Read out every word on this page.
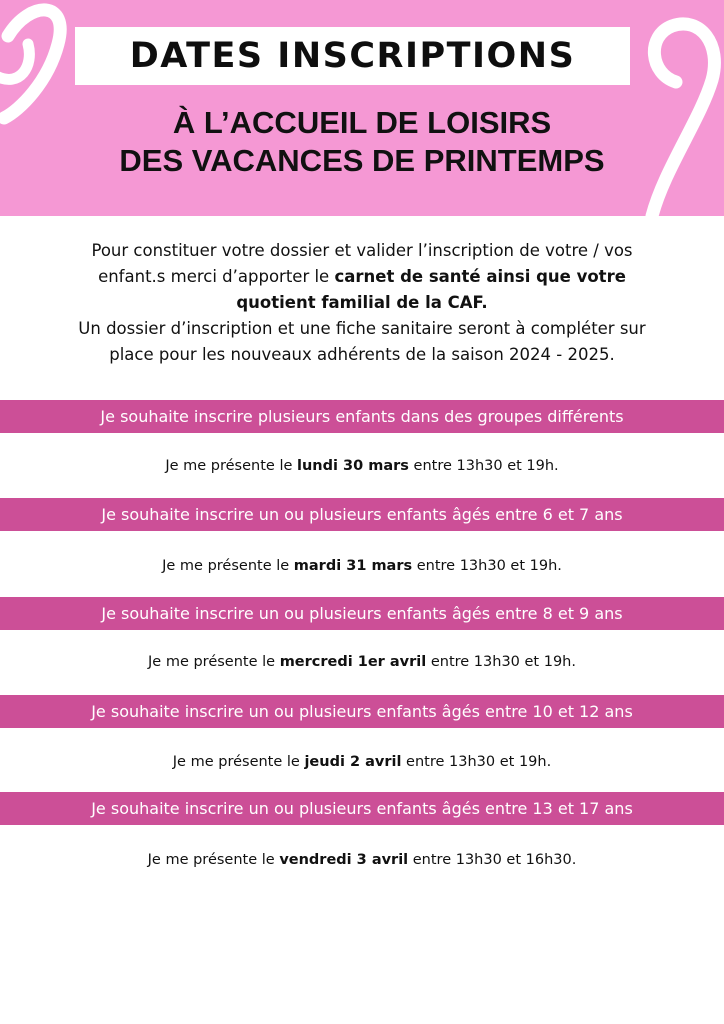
DATES INSCRIPTIONS
À L’ACCUEIL DE LOISIRS
DES VACANCES DE PRINTEMPS
Pour constituer votre dossier et valider l’inscription de votre / vos
enfant.s merci d’apporter le carnet de santé ainsi que votre
quotient familial de la CAF.
Un dossier d’inscription et une fiche sanitaire seront à compléter sur
place pour les nouveaux adhérents de la saison 2024 - 2025.
Je souhaite inscrire plusieurs enfants dans des groupes différents
Je me présente le lundi 30 mars entre 13h30 et 19h.
Je souhaite inscrire un ou plusieurs enfants âgés entre 6 et 7 ans
Je me présente le mardi 31 mars entre 13h30 et 19h.
Je souhaite inscrire un ou plusieurs enfants âgés entre 8 et 9 ans
Je me présente le mercredi 1er avril entre 13h30 et 19h.
Je souhaite inscrire un ou plusieurs enfants âgés entre 10 et 12 ans
Je me présente le jeudi 2 avril entre 13h30 et 19h.
Je souhaite inscrire un ou plusieurs enfants âgés entre 13 et 17 ans
Je me présente le vendredi 3 avril entre 13h30 et 16h30.
